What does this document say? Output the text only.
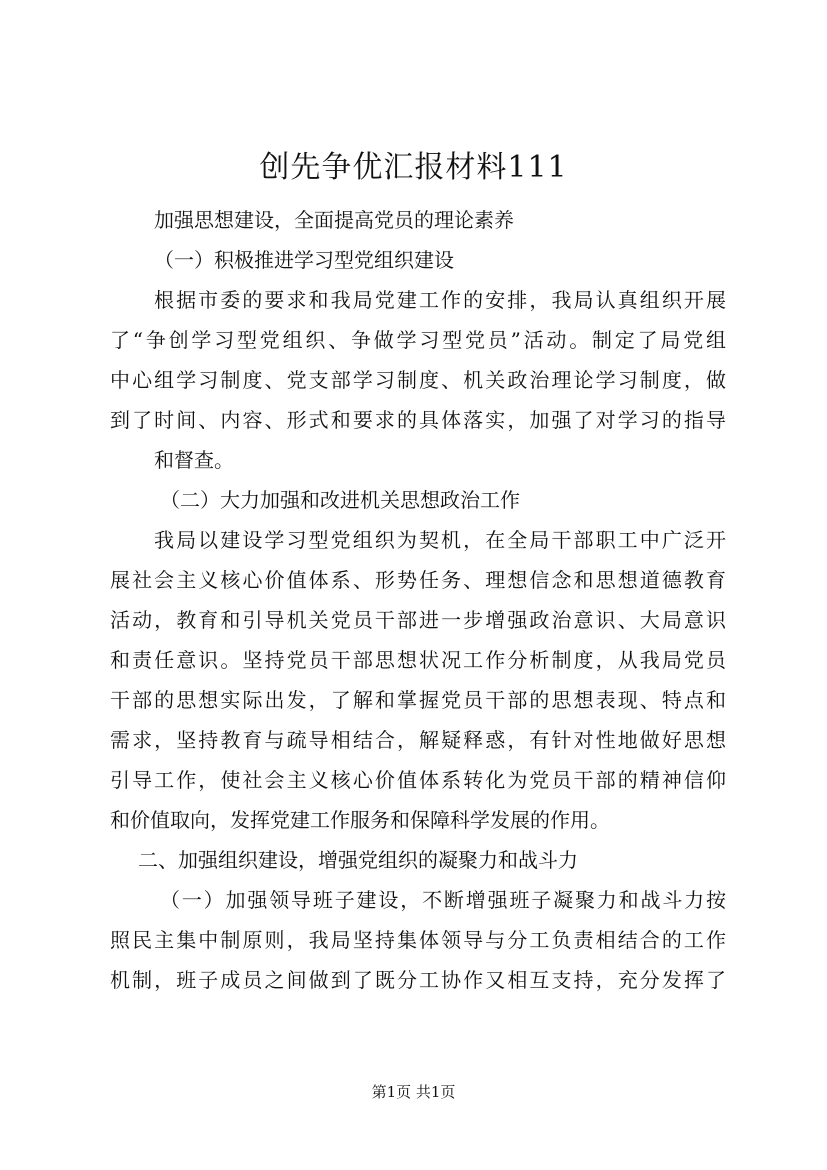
创先争优汇报材料111
加强思想建设，全面提高党员的理论素养
（一）积极推进学习型党组织建设
根据市委的要求和我局党建工作的安排，我局认真组织开展
了“争创学习型党组织、争做学习型党员”活动。制定了局党组
中心组学习制度、党支部学习制度、机关政治理论学习制度，做
到了时间、内容、形式和要求的具体落实，加强了对学习的指导
和督查。
（二）大力加强和改进机关思想政治工作
我局以建设学习型党组织为契机，在全局干部职工中广泛开
展社会主义核心价值体系、形势任务、理想信念和思想道德教育
活动，教育和引导机关党员干部进一步增强政治意识、大局意识
和责任意识。坚持党员干部思想状况工作分析制度，从我局党员
干部的思想实际出发，了解和掌握党员干部的思想表现、特点和
需求，坚持教育与疏导相结合，解疑释惑，有针对性地做好思想
引导工作，使社会主义核心价值体系转化为党员干部的精神信仰
和价值取向，发挥党建工作服务和保障科学发展的作用。
二、加强组织建设，增强党组织的凝聚力和战斗力
（一）加强领导班子建设，不断增强班子凝聚力和战斗力按
照民主集中制原则，我局坚持集体领导与分工负责相结合的工作
机制，班子成员之间做到了既分工协作又相互支持，充分发挥了
第1页 共1页
